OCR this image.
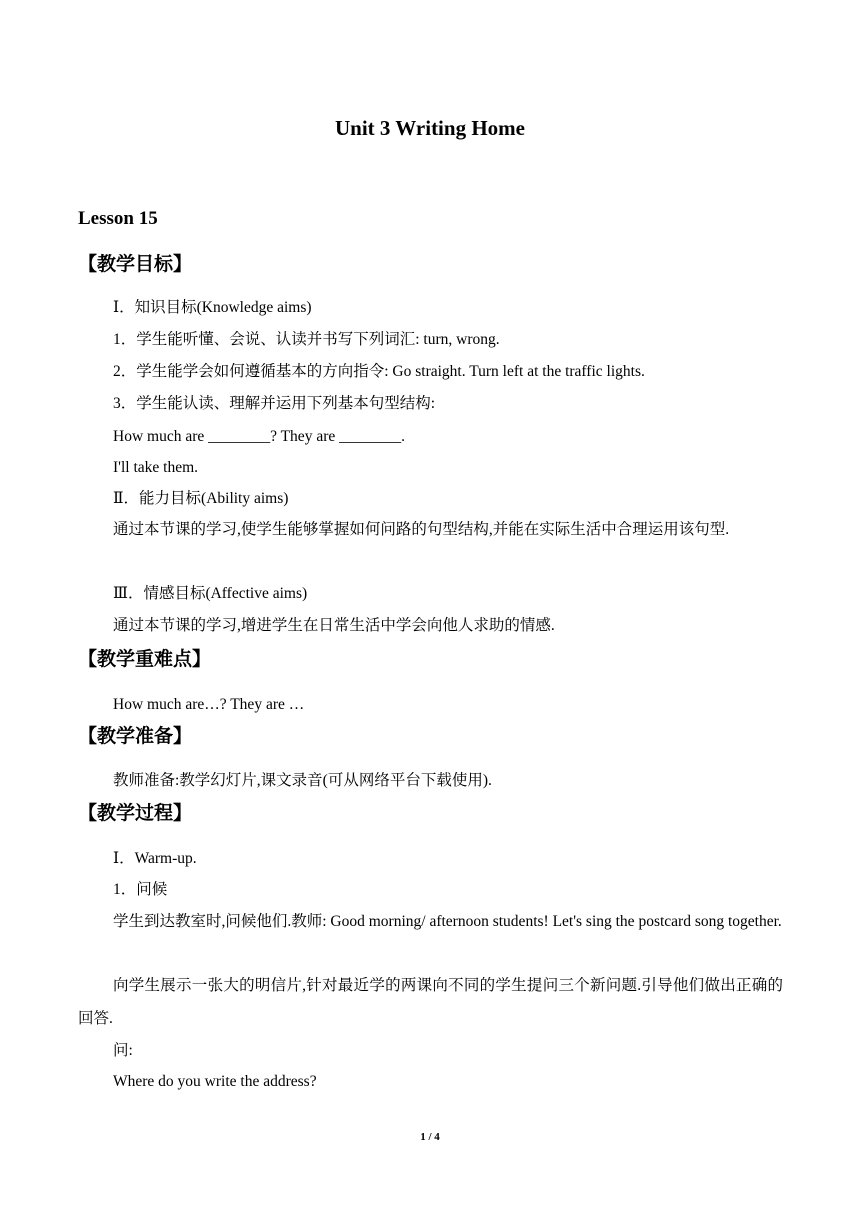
Unit 3 Writing Home
Lesson 15
【教学目标】
Ⅰ．知识目标(Knowledge aims)
1．学生能听懂、会说、认读并书写下列词汇: turn, wrong.
2．学生能学会如何遵循基本的方向指令: Go straight. Turn left at the traffic lights.
3．学生能认读、理解并运用下列基本句型结构:
How much are ________? They are ________.
I'll take them.
Ⅱ．能力目标(Ability aims)
通过本节课的学习,使学生能够掌握如何问路的句型结构,并能在实际生活中合理运用该句型.
Ⅲ．情感目标(Affective aims)
通过本节课的学习,增进学生在日常生活中学会向他人求助的情感.
【教学重难点】
How much are…? They are …
【教学准备】
教师准备:教学幻灯片,课文录音(可从网络平台下载使用).
【教学过程】
Ⅰ．Warm-up.
1．问候
学生到达教室时,问候他们.教师: Good morning/ afternoon students! Let's sing the postcard song together.
向学生展示一张大的明信片,针对最近学的两课向不同的学生提问三个新问题.引导他们做出正确的回答.
问:
Where do you write the address?
1 / 4
